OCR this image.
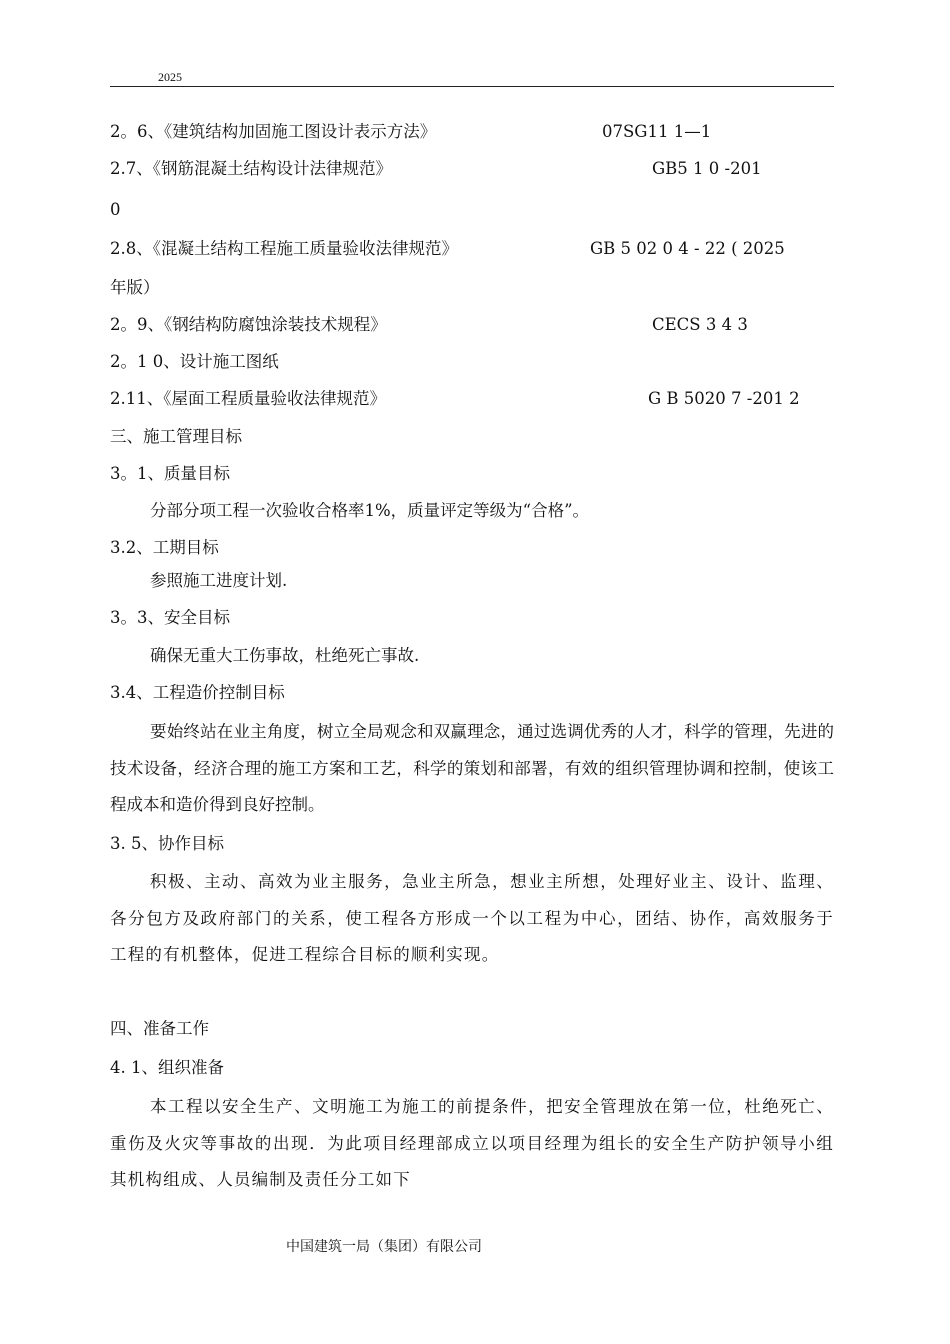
2025
2。6、《建筑结构加固施工图设计表示方法》	07SG11 1—1
2.7、《钢筋混凝土结构设计法律规范》	GB5 1 0 -201
0
2.8、《混凝土结构工程施工质量验收法律规范》	GB 5 02 0 4 - 22 ( 2025
年版）
2。9、《钢结构防腐蚀涂装技术规程》	CECS 3 4 3
2。1 0、设计施工图纸
2.11、《屋面工程质量验收法律规范》	G B 5020 7 -201 2
三、施工管理目标
3。1、质量目标
分部分项工程一次验收合格率1%，质量评定等级为“合格”。
3.2、工期目标
参照施工进度计划.
3。3、安全目标
确保无重大工伤事故，杜绝死亡事故.
3.4、工程造价控制目标
要始终站在业主角度，树立全局观念和双赢理念，通过选调优秀的人才，科学的管理，先进的技术设备，经济合理的施工方案和工艺，科学的策划和部署，有效的组织管理协调和控制，使该工程成本和造价得到良好控制。
3. 5、协作目标
积极、主动、高效为业主服务，急业主所急，想业主所想，处理好业主、设计、监理、各分包方及政府部门的关系，使工程各方形成一个以工程为中心，团结、协作，高效服务于工程的有机整体，促进工程综合目标的顺利实现。
四、准备工作
4. 1、组织准备
本工程以安全生产、文明施工为施工的前提条件，把安全管理放在第一位，杜绝死亡、重伤及火灾等事故的出现．为此项目经理部成立以项目经理为组长的安全生产防护领导小组其机构组成、人员编制及责任分工如下
中国建筑一局（集团）有限公司
